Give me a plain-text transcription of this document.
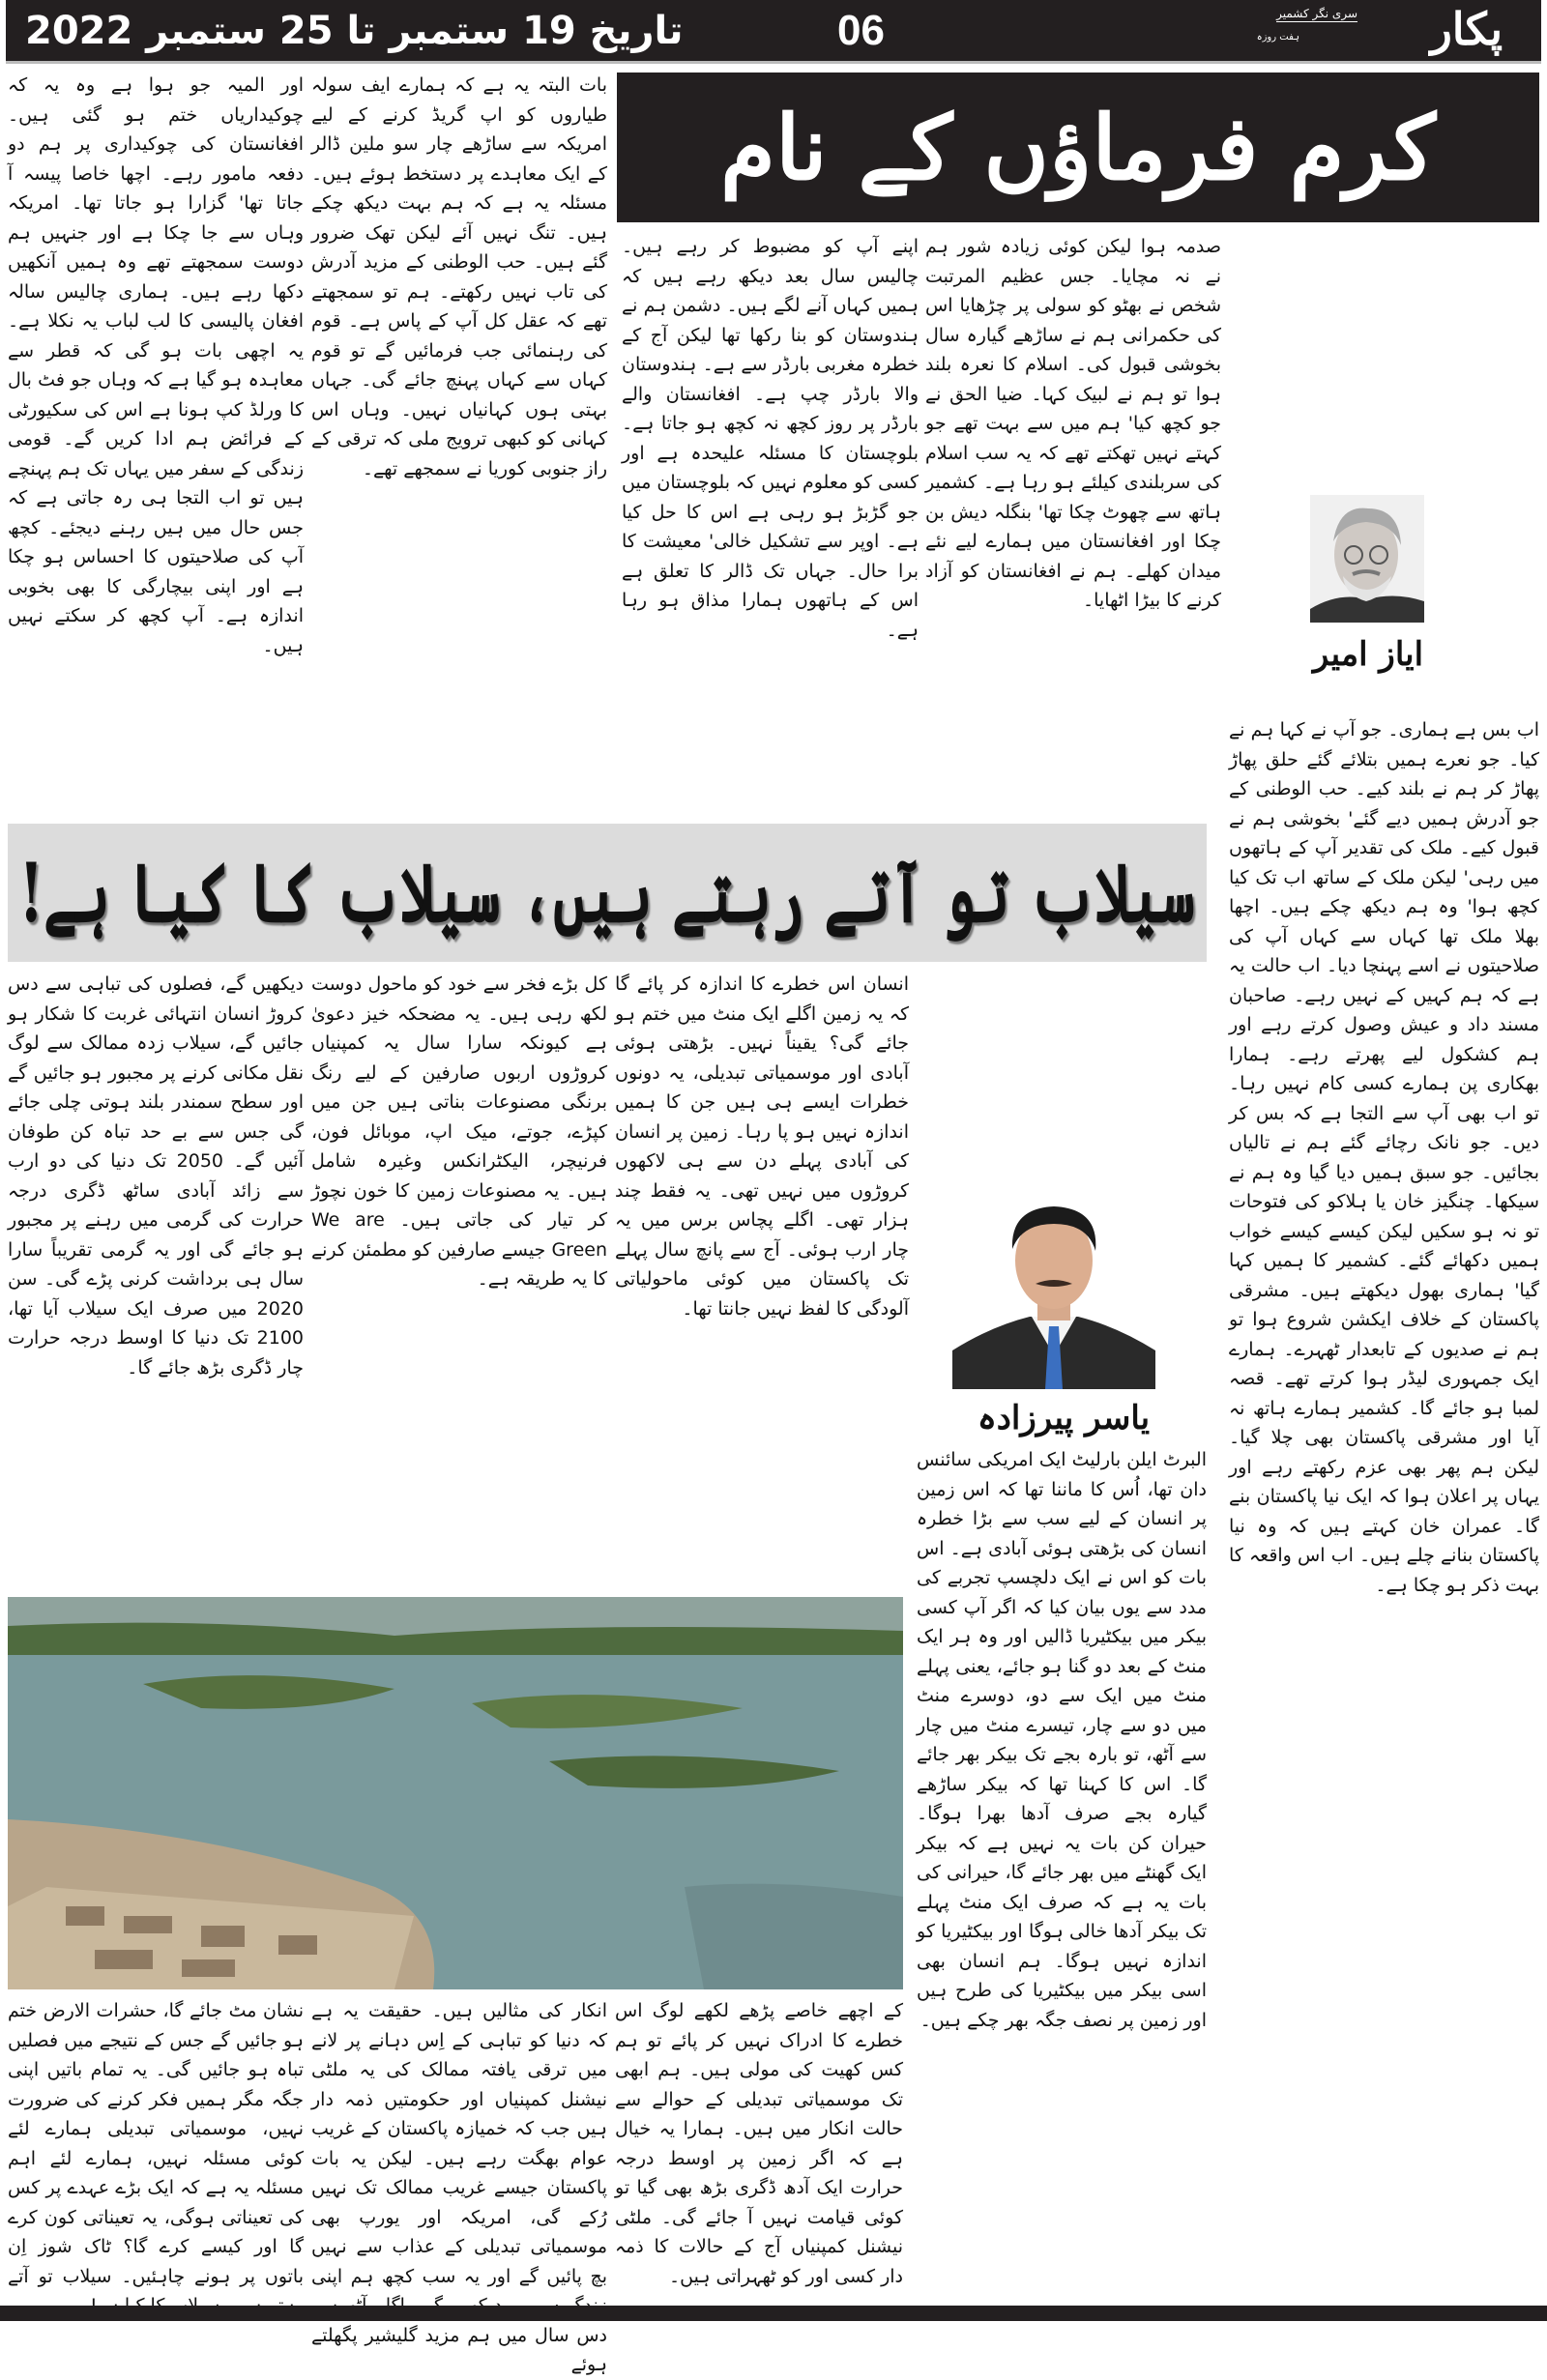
پکار
سری نگر کشمیر
ہفت روزہ
06
تاریخ 19 ستمبر تا 25 ستمبر 2022
کرم فرماؤں کے نام
اور المیہ جو ہوا ہے وہ یہ کہ چوکیداریاں ختم ہو گئی ہیں۔ افغانستان کی چوکیداری پر ہم دو دفعہ مامور رہے۔ اچھا خاصا پیسہ آ جاتا تھا' گزارا ہو جاتا تھا۔ امریکہ وہاں سے جا چکا ہے اور جنہیں ہم دوست سمجھتے تھے وہ ہمیں آنکھیں دکھا رہے ہیں۔ ہماری چالیس سالہ افغان پالیسی کا لب لباب یہ نکلا ہے۔ یہ اچھی بات ہو گی کہ قطر سے معاہدہ ہو گیا ہے کہ وہاں جو فٹ بال کا ورلڈ کپ ہونا ہے اس کی سکیورٹی کے فرائض ہم ادا کریں گے۔ قومی زندگی کے سفر میں یہاں تک ہم پہنچے ہیں تو اب التجا ہی رہ جاتی ہے کہ جس حال میں ہیں رہنے دیجئے۔ کچھ آپ کی صلاحیتوں کا احساس ہو چکا ہے اور اپنی بیچارگی کا بھی بخوبی اندازہ ہے۔ آپ کچھ کر سکتے نہیں ہیں۔
بات البتہ یہ ہے کہ ہمارے ایف سولہ طیاروں کو اپ گریڈ کرنے کے لیے امریکہ سے ساڑھے چار سو ملین ڈالر کے ایک معاہدے پر دستخط ہوئے ہیں۔ مسئلہ یہ ہے کہ ہم بہت دیکھ چکے ہیں۔ تنگ نہیں آئے لیکن تھک ضرور گئے ہیں۔ حب الوطنی کے مزید آدرش کی تاب نہیں رکھتے۔ ہم تو سمجھتے تھے کہ عقل کل آپ کے پاس ہے۔ قوم کی رہنمائی جب فرمائیں گے تو قوم کہاں سے کہاں پہنچ جائے گی۔ جہاں بہتی ہوں کہانیاں نہیں۔ وہاں اس کہانی کو کبھی ترویج ملی کہ ترقی کے راز جنوبی کوریا نے سمجھے تھے۔
اپنے آپ کو مضبوط کر رہے ہیں۔ چالیس سال بعد دیکھ رہے ہیں کہ ہمیں کہاں آنے لگے ہیں۔ دشمن ہم نے ہندوستان کو بنا رکھا تھا لیکن آج کے خطرہ مغربی بارڈر سے ہے۔ ہندوستان والا بارڈر چپ ہے۔ افغانستان والے بارڈر پر روز کچھ نہ کچھ ہو جاتا ہے۔ بلوچستان کا مسئلہ علیحدہ ہے اور کسی کو معلوم نہیں کہ بلوچستان میں جو گڑبڑ ہو رہی ہے اس کا حل کیا ہے۔ اوپر سے تشکیل خالی' معیشت کا برا حال۔ جہاں تک ڈالر کا تعلق ہے اس کے ہاتھوں ہمارا مذاق ہو رہا ہے۔
صدمہ ہوا لیکن کوئی زیادہ شور ہم نے نہ مچایا۔ جس عظیم المرتبت شخص نے بھٹو کو سولی پر چڑھایا اس کی حکمرانی ہم نے ساڑھے گیارہ سال بخوشی قبول کی۔ اسلام کا نعرہ بلند ہوا تو ہم نے لبیک کہا۔ ضیا الحق نے جو کچھ کیا' ہم میں سے بہت تھے جو کہتے نہیں تھکتے تھے کہ یہ سب اسلام کی سربلندی کیلئے ہو رہا ہے۔ کشمیر ہاتھ سے چھوٹ چکا تھا' بنگلہ دیش بن چکا اور افغانستان میں ہمارے لیے نئے میدان کھلے۔ ہم نے افغانستان کو آزاد کرنے کا بیڑا اٹھایا۔
ایاز امیر
اب بس ہے ہماری۔ جو آپ نے کہا ہم نے کیا۔ جو نعرے ہمیں بتلائے گئے حلق پھاڑ پھاڑ کر ہم نے بلند کیے۔ حب الوطنی کے جو آدرش ہمیں دیے گئے' بخوشی ہم نے قبول کیے۔ ملک کی تقدیر آپ کے ہاتھوں میں رہی' لیکن ملک کے ساتھ اب تک کیا کچھ ہوا' وہ ہم دیکھ چکے ہیں۔ اچھا بھلا ملک تھا کہاں سے کہاں آپ کی صلاحیتوں نے اسے پہنچا دیا۔ اب حالت یہ ہے کہ ہم کہیں کے نہیں رہے۔ صاحبان مسند داد و عیش وصول کرتے رہے اور ہم کشکول لیے پھرتے رہے۔ ہمارا بھکاری پن ہمارے کسی کام نہیں رہا۔ تو اب بھی آپ سے التجا ہے کہ بس کر دیں۔ جو نانک رچائے گئے ہم نے تالیاں بجائیں۔ جو سبق ہمیں دیا گیا وہ ہم نے سیکھا۔ چنگیز خان یا ہلاکو کی فتوحات تو نہ ہو سکیں لیکن کیسے کیسے خواب ہمیں دکھائے گئے۔ کشمیر کا ہمیں کہا گیا' ہماری بھول دیکھتے ہیں۔ مشرقی پاکستان کے خلاف ایکشن شروع ہوا تو ہم نے صدیوں کے تابعدار ٹھہرے۔ ہمارے ایک جمہوری لیڈر ہوا کرتے تھے۔ قصہ لمبا ہو جائے گا۔ کشمیر ہمارے ہاتھ نہ آیا اور مشرقی پاکستان بھی چلا گیا۔ لیکن ہم پھر بھی عزم رکھتے رہے اور یہاں پر اعلان ہوا کہ ایک نیا پاکستان بنے گا۔ عمران خان کہتے ہیں کہ وہ نیا پاکستان بنانے چلے ہیں۔ اب اس واقعہ کا بہت ذکر ہو چکا ہے۔
سیلاب تو آتے رہتے ہیں، سیلاب کا کیا ہے!
دیکھیں گے، فصلوں کی تباہی سے دس کروڑ انسان انتہائی غربت کا شکار ہو جائیں گے، سیلاب زدہ ممالک سے لوگ نقل مکانی کرنے پر مجبور ہو جائیں گے اور سطح سمندر بلند ہوتی چلی جائے گی جس سے بے حد تباہ کن طوفان آئیں گے۔ 2050 تک دنیا کی دو ارب سے زائد آبادی ساٹھ ڈگری درجہ حرارت کی گرمی میں رہنے پر مجبور ہو جائے گی اور یہ گرمی تقریباً سارا سال ہی برداشت کرنی پڑے گی۔ سن 2020 میں صرف ایک سیلاب آیا تھا، 2100 تک دنیا کا اوسط درجہ حرارت چار ڈگری بڑھ جائے گا۔
کل بڑے فخر سے خود کو ماحول دوست لکھ رہی ہیں۔ یہ مضحکہ خیز دعویٰ ہے کیونکہ سارا سال یہ کمپنیاں کروڑوں اربوں صارفین کے لیے رنگ برنگی مصنوعات بناتی ہیں جن میں کپڑے، جوتے، میک اپ، موبائل فون، فرنیچر، الیکٹرانکس وغیرہ شامل ہیں۔ یہ مصنوعات زمین کا خون نچوڑ کر تیار کی جاتی ہیں۔ We are Green جیسے صارفین کو مطمئن کرنے کا یہ طریقہ ہے۔
انسان اس خطرے کا اندازہ کر پائے گا کہ یہ زمین اگلے ایک منٹ میں ختم ہو جائے گی؟ یقیناً نہیں۔ بڑھتی ہوئی آبادی اور موسمیاتی تبدیلی، یہ دونوں خطرات ایسے ہی ہیں جن کا ہمیں اندازہ نہیں ہو پا رہا۔ زمین پر انسان کی آبادی پہلے دن سے ہی لاکھوں کروڑوں میں نہیں تھی۔ یہ فقط چند ہزار تھی۔ اگلے پچاس برس میں یہ چار ارب ہوئی۔ آج سے پانچ سال پہلے تک پاکستان میں کوئی ماحولیاتی آلودگی کا لفظ نہیں جانتا تھا۔
یاسر پیرزادہ
البرٹ ایلن بارلیٹ ایک امریکی سائنس دان تھا، اُس کا ماننا تھا کہ اس زمین پر انسان کے لیے سب سے بڑا خطرہ انسان کی بڑھتی ہوئی آبادی ہے۔ اس بات کو اس نے ایک دلچسپ تجربے کی مدد سے یوں بیان کیا کہ اگر آپ کسی بیکر میں بیکٹیریا ڈالیں اور وہ ہر ایک منٹ کے بعد دو گنا ہو جائے، یعنی پہلے منٹ میں ایک سے دو، دوسرے منٹ میں دو سے چار، تیسرے منٹ میں چار سے آٹھ، تو بارہ بجے تک بیکر بھر جائے گا۔ اس کا کہنا تھا کہ بیکر ساڑھے گیارہ بجے صرف آدھا بھرا ہوگا۔ حیران کن بات یہ نہیں ہے کہ بیکر ایک گھنٹے میں بھر جائے گا، حیرانی کی بات یہ ہے کہ صرف ایک منٹ پہلے تک بیکر آدھا خالی ہوگا اور بیکٹیریا کو اندازہ نہیں ہوگا۔ ہم انسان بھی اسی بیکر میں بیکٹیریا کی طرح ہیں اور زمین پر نصف جگہ بھر چکے ہیں۔
نشان مٹ جائے گا، حشرات الارض ختم ہو جائیں گے جس کے نتیجے میں فصلیں تباہ ہو جائیں گی۔ یہ تمام باتیں اپنی جگہ مگر ہمیں فکر کرنے کی ضرورت نہیں، موسمیاتی تبدیلی ہمارے لئے کوئی مسئلہ نہیں، ہمارے لئے اہم مسئلہ یہ ہے کہ ایک بڑے عہدے پر کس کی تعیناتی ہوگی، یہ تعیناتی کون کرے گا اور کیسے کرے گا؟ ٹاک شوز اِن باتوں پر ہونے چاہئیں۔ سیلاب تو آتے
انکار کی مثالیں ہیں۔ حقیقت یہ ہے کہ دنیا کو تباہی کے اِس دہانے پر لانے میں ترقی یافتہ ممالک کی یہ ملٹی نیشنل کمپنیاں اور حکومتیں ذمہ دار ہیں جب کہ خمیازہ پاکستان کے غریب عوام بھگت رہے ہیں۔ لیکن یہ بات پاکستان جیسے غریب ممالک تک نہیں رُکے گی، امریکہ اور یورپ بھی موسمیاتی تبدیلی کے عذاب سے نہیں بچ پائیں گے اور یہ سب کچھ ہم اپنی دس سال میں ہم مزید گلیشیر پگھلتے ہوئے
کے اچھے خاصے پڑھے لکھے لوگ اس خطرے کا ادراک نہیں کر پائے تو ہم کس کھیت کی مولی ہیں۔ ہم ابھی تک موسمیاتی تبدیلی کے حوالے سے حالت انکار میں ہیں۔ ہمارا یہ خیال ہے کہ اگر زمین پر اوسط درجہ حرارت ایک آدھ ڈگری بڑھ بھی گیا تو کوئی قیامت نہیں آ جائے گی۔ ملٹی نیشنل کمپنیاں آج کے حالات کا ذمہ دار کسی اور کو ٹھہراتی ہیں۔
